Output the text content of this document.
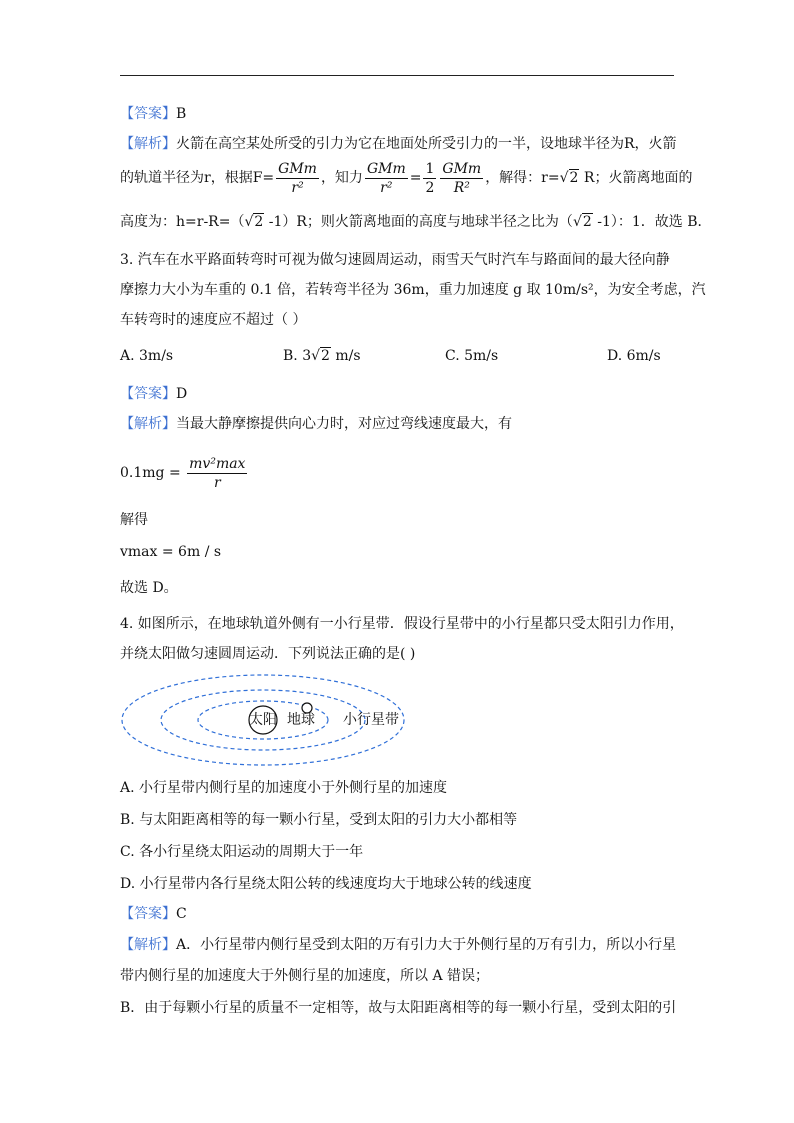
【答案】B
【解析】火箭在高空某处所受的引力为它在地面处所受引力的一半，设地球半径为R，火箭
的轨道半径为r，根据$F= \frac{\text{GMm}}{\text{r²}}$ ，知力 $\frac{\text{GMm}}{\text{r²}} = \frac{1}{2} \frac{\text{GMm}}{\text{R²}}$ ，解得：r=√2 R；火箭离地面的
高度为：h=r-R=（√2 -1）R；则火箭离地面的高度与地球半径之比为（√2 -1）：1．故选 B．
3. 汽车在水平路面转弯时可视为做匀速圆周运动，雨雪天气时汽车与路面间的最大径向静
摩擦力大小为车重的 0.1 倍，若转弯半径为 36m，重力加速度 g 取 10m/s²，为安全考虑，汽
车转弯时的速度应不超过（ ）
A. 3m/s	B. 3√2 m/s	C. 5m/s	D. 6m/s
【答案】D
【解析】当最大静摩擦提供向心力时，对应过弯线速度最大，有
$0.1mg = \frac{\text{mv²max}}{r}$
解得
vmax = 6m / s
故选 D。
4. 如图所示，在地球轨道外侧有一小行星带．假设行星带中的小行星都只受太阳引力作用，
并绕太阳做匀速圆周运动．下列说法正确的是( )
太阳 地球 小行星带
A. 小行星带内侧行星的加速度小于外侧行星的加速度
B. 与太阳距离相等的每一颗小行星，受到太阳的引力大小都相等
C. 各小行星绕太阳运动的周期大于一年
D. 小行星带内各行星绕太阳公转的线速度均大于地球公转的线速度
【答案】C
【解析】A．小行星带内侧行星受到太阳的万有引力大于外侧行星的万有引力，所以小行星
带内侧行星的加速度大于外侧行星的加速度，所以 A 错误；
B．由于每颗小行星的质量不一定相等，故与太阳距离相等的每一颗小行星，受到太阳的引
